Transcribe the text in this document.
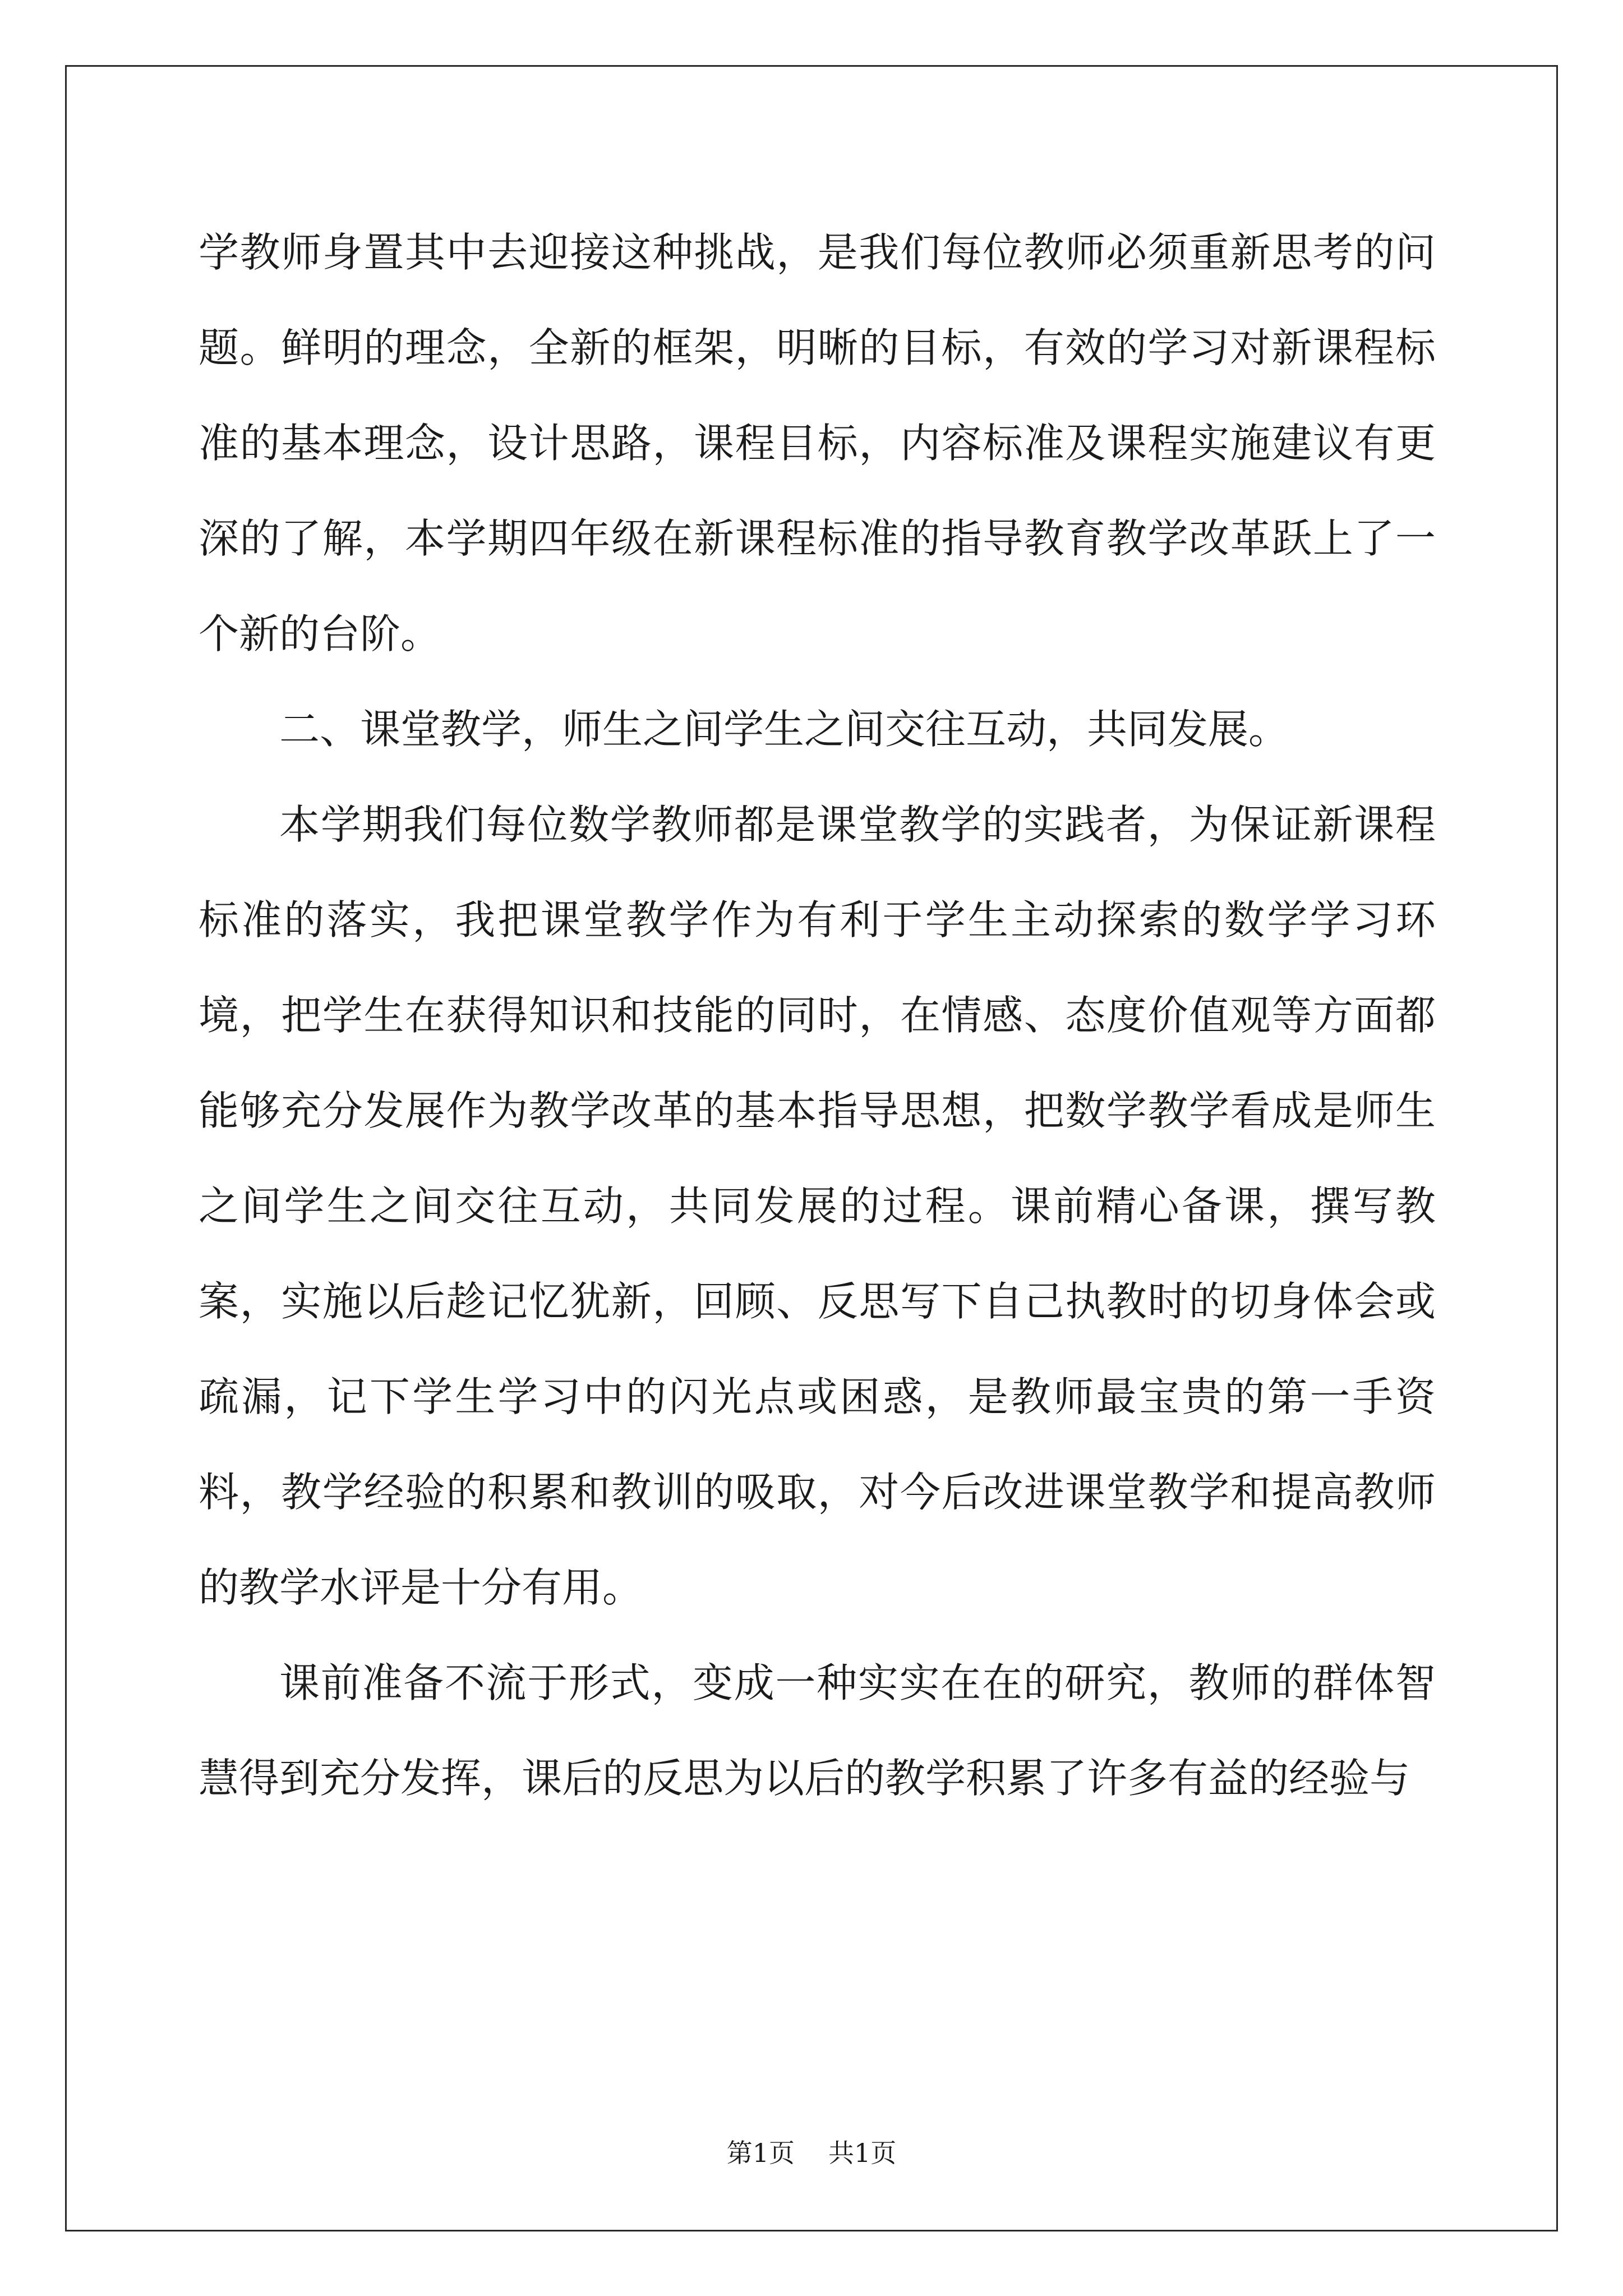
学教师身置其中去迎接这种挑战，是我们每位教师必须重新思考的问题。鲜明的理念，全新的框架，明晰的目标，有效的学习对新课程标准的基本理念，设计思路，课程目标，内容标准及课程实施建议有更深的了解，本学期四年级在新课程标准的指导教育教学改革跃上了一个新的台阶。

二、课堂教学，师生之间学生之间交往互动，共同发展。

本学期我们每位数学教师都是课堂教学的实践者，为保证新课程标准的落实，我把课堂教学作为有利于学生主动探索的数学学习环境，把学生在获得知识和技能的同时，在情感、态度价值观等方面都能够充分发展作为教学改革的基本指导思想，把数学教学看成是师生之间学生之间交往互动，共同发展的过程。课前精心备课，撰写教案，实施以后趁记忆犹新，回顾、反思写下自己执教时的切身体会或疏漏，记下学生学习中的闪光点或困惑，是教师最宝贵的第一手资料，教学经验的积累和教训的吸取，对今后改进课堂教学和提高教师的教学水评是十分有用。

课前准备不流于形式，变成一种实实在在的研究，教师的群体智慧得到充分发挥，课后的反思为以后的教学积累了许多有益的经验与

第1页 共1页
